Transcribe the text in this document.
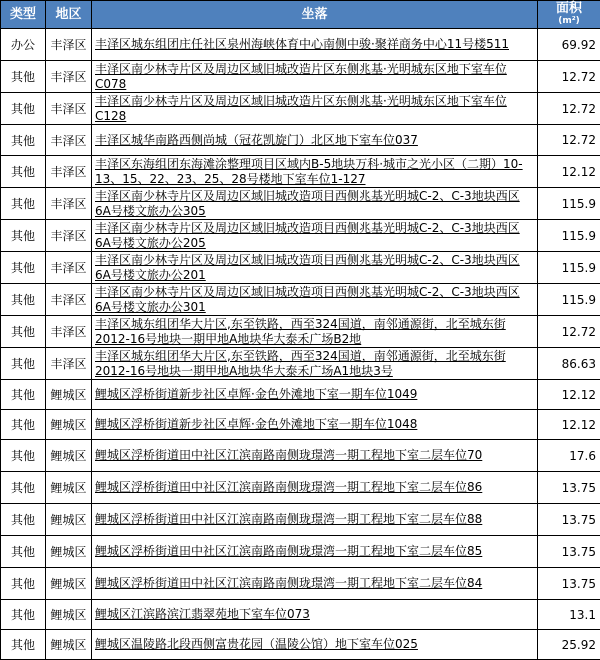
类型	地区	坐落	面积
(m²)

办公	丰泽区	丰泽区城东组团庄任社区泉州海峡体育中心南侧中骏·聚祥商务中心11号楼511	69.92
其他	丰泽区	丰泽区南少林寺片区及周边区域旧城改造片区东侧兆基·光明城东区地下室车位C078	12.72
其他	丰泽区	丰泽区南少林寺片区及周边区域旧城改造片区东侧兆基·光明城东区地下室车位C128	12.72
其他	丰泽区	丰泽区城华南路西侧尚城（冠花凯旋门）北区地下室车位037	12.72
其他	丰泽区	丰泽区东海组团东海滩涂整理项目区域内B-5地块万科·城市之光小区（二期）10-13、15、22、23、25、28号楼地下室车位1-127	12.12
其他	丰泽区	丰泽区南少林寺片区及周边区域旧城改造项目西侧兆基光明城C-2、C-3地块西区6A号楼文旅办公305	115.9
其他	丰泽区	丰泽区南少林寺片区及周边区域旧城改造项目西侧兆基光明城C-2、C-3地块西区6A号楼文旅办公205	115.9
其他	丰泽区	丰泽区南少林寺片区及周边区域旧城改造项目西侧兆基光明城C-2、C-3地块西区6A号楼文旅办公201	115.9
其他	丰泽区	丰泽区南少林寺片区及周边区域旧城改造项目西侧兆基光明城C-2、C-3地块西区6A号楼文旅办公301	115.9
其他	丰泽区	丰泽区城东组团华大片区,东至铁路，西至324国道，南邻通源街，北至城东街2012-16号地块一期甲地A地块华大泰禾广场B2地	12.72
其他	丰泽区	丰泽区城东组团华大片区,东至铁路，西至324国道，南邻通源街，北至城东街2012-16号地块一期甲地A地块华大泰禾广场A1地块3号	86.63
其他	鲤城区	鲤城区浮桥街道新步社区卓辉·金色外滩地下室一期车位1049	12.12
其他	鲤城区	鲤城区浮桥街道新步社区卓辉·金色外滩地下室一期车位1048	12.12
其他	鲤城区	鲤城区浮桥街道田中社区江滨南路南侧珑璟湾一期工程地下室二层车位70	17.6
其他	鲤城区	鲤城区浮桥街道田中社区江滨南路南侧珑璟湾一期工程地下室二层车位86	13.75
其他	鲤城区	鲤城区浮桥街道田中社区江滨南路南侧珑璟湾一期工程地下室二层车位88	13.75
其他	鲤城区	鲤城区浮桥街道田中社区江滨南路南侧珑璟湾一期工程地下室二层车位85	13.75
其他	鲤城区	鲤城区浮桥街道田中社区江滨南路南侧珑璟湾一期工程地下室二层车位84	13.75
其他	鲤城区	鲤城区江滨路滨江翡翠苑地下室车位073	13.1
其他	鲤城区	鲤城区温陵路北段西侧富贵花园（温陵公馆）地下室车位025	25.92
